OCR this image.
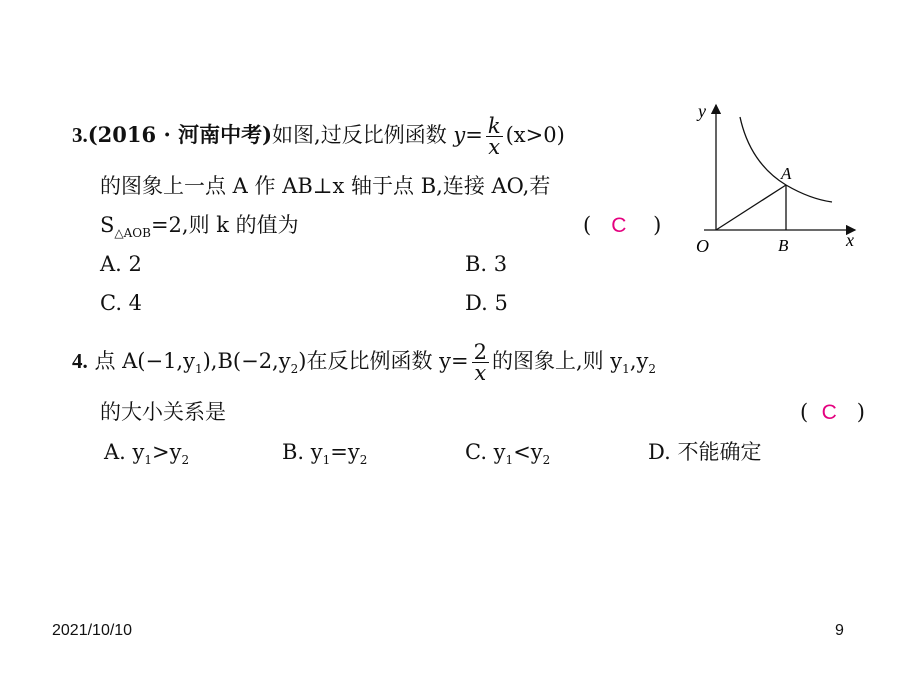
3.(2016 · 河南中考)如图,过反比例函数 $y= \frac{k}{x} (x>0)$
的图象上一点 A 作 AB⊥x 轴于点 B,连接 AO,若
$S_{\triangle AOB}=2$,则 k 的值为	( C )
A. 2	B. 3
C. 4	D. 5
y
x
O
A
B
4. 点 $A(-1,y_1),B(-2,y_2)$在反比例函数 $y= \frac{2}{x}$ 的图象上,则 $y_1,y_2$
的大小关系是	( C )
A. $y_1>y_2$	B. $y_1=y_2$	C. $y_1<y_2$	D. 不能确定
2021/10/10	9
